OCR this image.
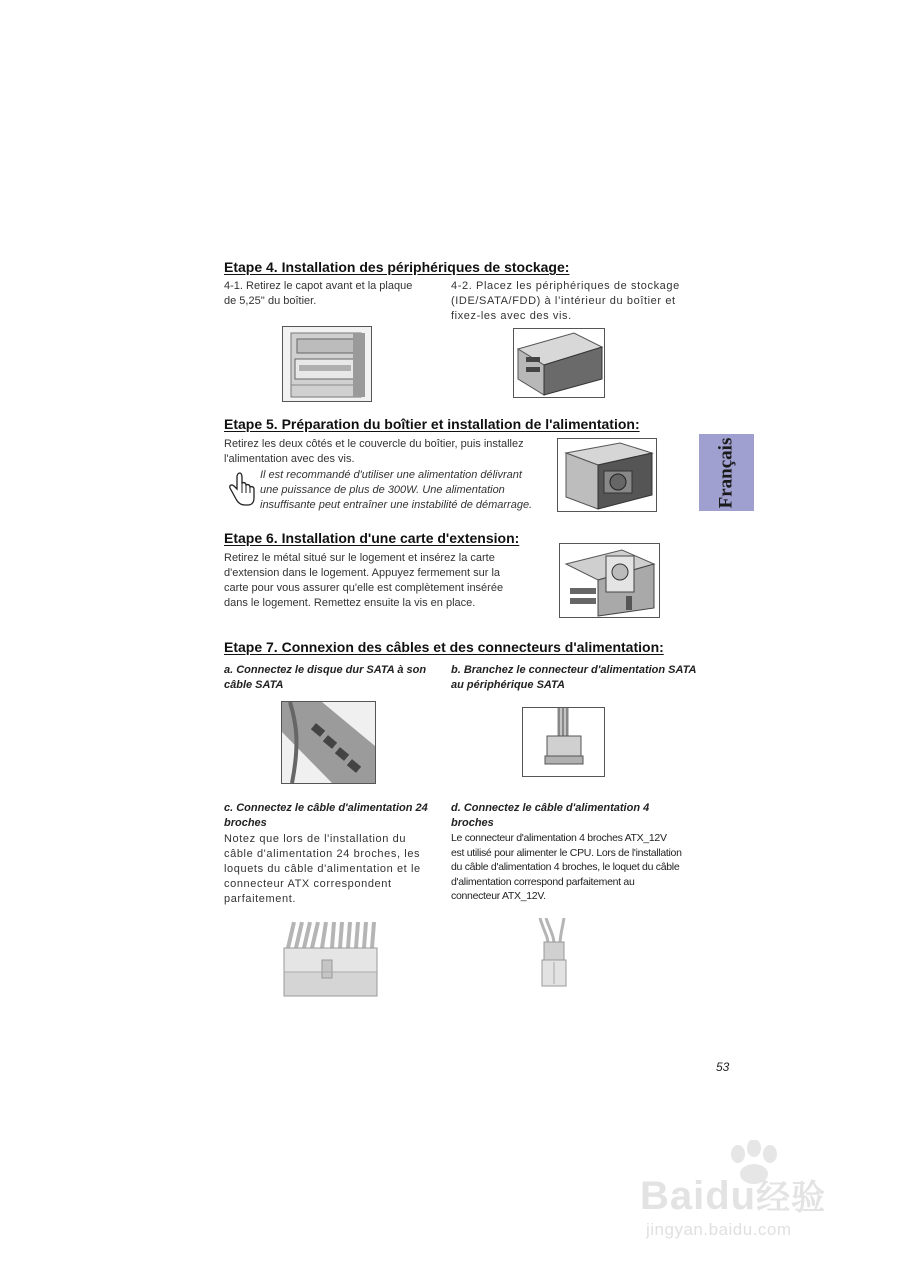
Etape 4. Installation des périphériques de stockage:
4-1. Retirez le capot avant et la plaque
de 5,25'' du boîtier.
4-2. Placez les périphériques de stockage
(IDE/SATA/FDD) à l’intérieur du boîtier et
fixez-les avec des vis.
Etape 5. Préparation du boîtier et installation de l'alimentation:
Retirez les deux côtés et le couvercle du boîtier, puis installez
l'alimentation avec des vis.
Il est recommandé d'utiliser une alimentation délivrant
une puissance de plus de 300W. Une alimentation
insuffisante peut entraîner une instabilité de démarrage.	Français
Etape 6. Installation d'une carte d'extension:
Retirez le métal situé sur le logement et insérez la carte
d'extension dans le logement. Appuyez fermement sur la
carte pour vous assurer qu'elle est complètement insérée
dans le logement. Remettez ensuite la vis en place.
Etape 7. Connexion des câbles et des connecteurs d'alimentation:
a. Connectez le disque dur SATA à son
câble SATA
b. Branchez le connecteur d'alimentation SATA
au périphérique SATA
c. Connectez le câble d'alimentation 24
broches
Notez que lors de l'installation du
câble d'alimentation 24 broches, les
loquets du câble d'alimentation et le
connecteur ATX correspondent
parfaitement.
d. Connectez le câble d'alimentation 4
broches
Le connecteur d'alimentation 4 broches ATX_12V
est utilisé pour alimenter le CPU. Lors de l'installation
du câble d'alimentation 4 broches, le loquet du câble
d'alimentation correspond parfaitement au
connecteur ATX_12V.
53
Baidu经验
jingyan.baidu.com
